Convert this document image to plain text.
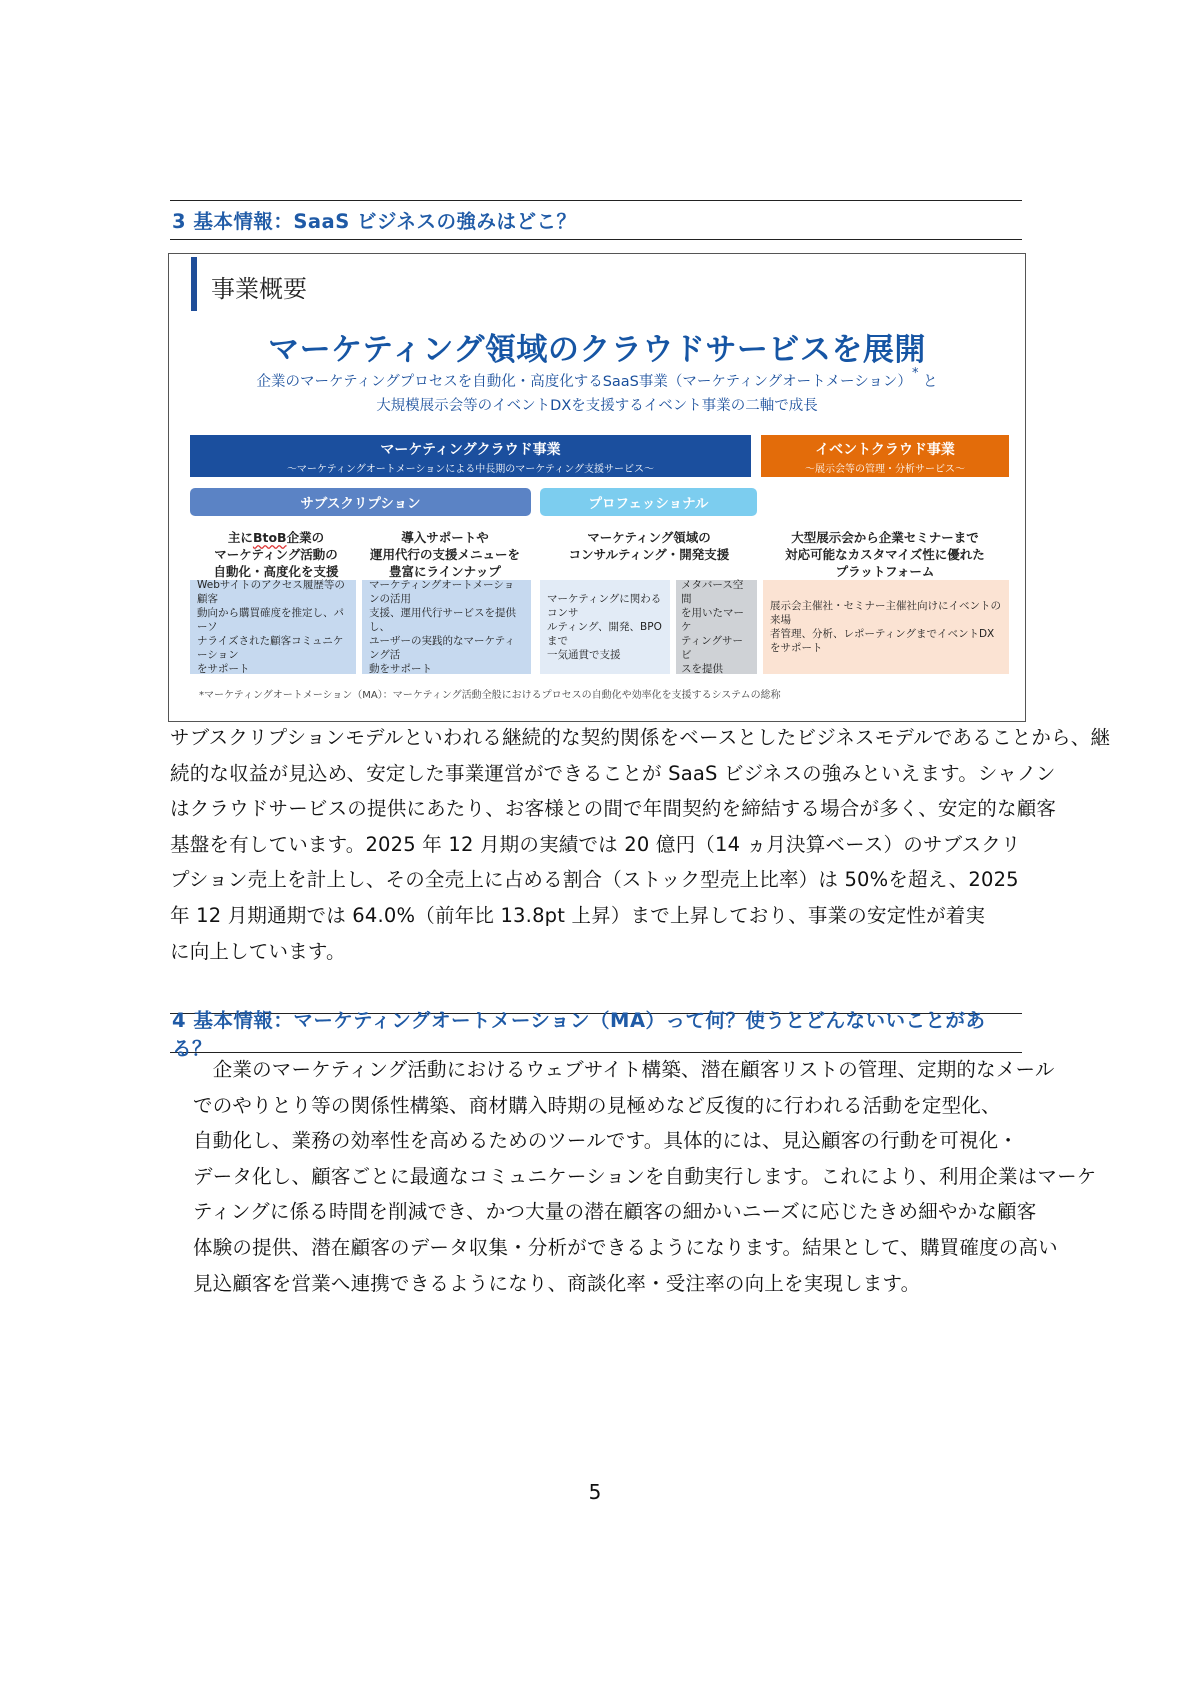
3 基本情報：SaaS ビジネスの強みはどこ？
事業概要
マーケティング領域のクラウドサービスを展開
企業のマーケティングプロセスを自動化・高度化するSaaS事業（マーケティングオートメーション）* と
大規模展示会等のイベントDXを支援するイベント事業の二軸で成長
マーケティングクラウド事業
～マーケティングオートメーションによる中長期のマーケティング支援サービス～
イベントクラウド事業
～展示会等の管理・分析サービス～
サブスクリプション	プロフェッショナル
主にBtoB企業の
マーケティング活動の
自動化・高度化を支援
導入サポートや
運用代行の支援メニューを
豊富にラインナップ
マーケティング領域の
コンサルティング・開発支援
大型展示会から企業セミナーまで
対応可能なカスタマイズ性に優れた
プラットフォーム
Webサイトのアクセス履歴等の顧客
動向から購買確度を推定し、パーソ
ナライズされた顧客コミュニケーション
をサポート
マーケティングオートメーションの活用
支援、運用代行サービスを提供し、
ユーザーの実践的なマーケティング活
動をサポート
マーケティングに関わるコンサ
ルティング、開発、BPOまで
一気通貫で支援
メタバース空間
を用いたマーケ
ティングサービ
スを提供
展示会主催社・セミナー主催社向けにイベントの来場
者管理、分析、レポーティングまでイベントDXをサポート
*マーケティングオートメーション（MA）：マーケティング活動全般におけるプロセスの自動化や効率化を支援するシステムの総称
サブスクリプションモデルといわれる継続的な契約関係をベースとしたビジネスモデルであることから、継
続的な収益が見込め、安定した事業運営ができることが SaaS ビジネスの強みといえます。シャノン
はクラウドサービスの提供にあたり、お客様との間で年間契約を締結する場合が多く、安定的な顧客
基盤を有しています。2025 年 12 月期の実績では 20 億円（14 ヵ月決算ベース）のサブスクリ
プション売上を計上し、その全売上に占める割合（ストック型売上比率）は 50%を超え、2025
年 12 月期通期では 64.0%（前年比 13.8pt 上昇）まで上昇しており、事業の安定性が着実
に向上しています。
4 基本情報：マーケティングオートメーション（MA）って何？使うとどんないいことがある？
　企業のマーケティング活動におけるウェブサイト構築、潜在顧客リストの管理、定期的なメール
でのやりとり等の関係性構築、商材購入時期の見極めなど反復的に行われる活動を定型化、
自動化し、業務の効率性を高めるためのツールです。具体的には、見込顧客の行動を可視化・
データ化し、顧客ごとに最適なコミュニケーションを自動実行します。これにより、利用企業はマーケ
ティングに係る時間を削減でき、かつ大量の潜在顧客の細かいニーズに応じたきめ細やかな顧客
体験の提供、潜在顧客のデータ収集・分析ができるようになります。結果として、購買確度の高い
見込顧客を営業へ連携できるようになり、商談化率・受注率の向上を実現します。
5
